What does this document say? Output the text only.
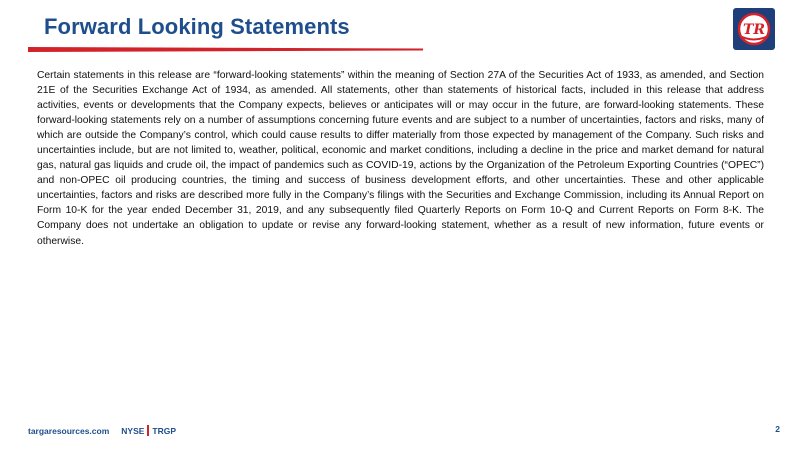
Forward Looking Statements	TR

Certain statements in this release are “forward-looking statements” within the meaning of Section 27A of the Securities Act of 1933, as amended, and Section 21E of the Securities Exchange Act of 1934, as amended. All statements, other than statements of historical facts, included in this release that address activities, events or developments that the Company expects, believes or anticipates will or may occur in the future, are forward-looking statements. These forward-looking statements rely on a number of assumptions concerning future events and are subject to a number of uncertainties, factors and risks, many of which are outside the Company’s control, which could cause results to differ materially from those expected by management of the Company. Such risks and uncertainties include, but are not limited to, weather, political, economic and market conditions, including a decline in the price and market demand for natural gas, natural gas liquids and crude oil, the impact of pandemics such as COVID-19, actions by the Organization of the Petroleum Exporting Countries (“OPEC”) and non-OPEC oil producing countries, the timing and success of business development efforts, and other uncertainties. These and other applicable uncertainties, factors and risks are described more fully in the Company’s filings with the Securities and Exchange Commission, including its Annual Report on Form 10-K for the year ended December 31, 2019, and any subsequently filed Quarterly Reports on Form 10-Q and Current Reports on Form 8-K. The Company does not undertake an obligation to update or revise any forward-looking statement, whether as a result of new information, future events or otherwise.

targaresources.com NYSE TRGP	2
